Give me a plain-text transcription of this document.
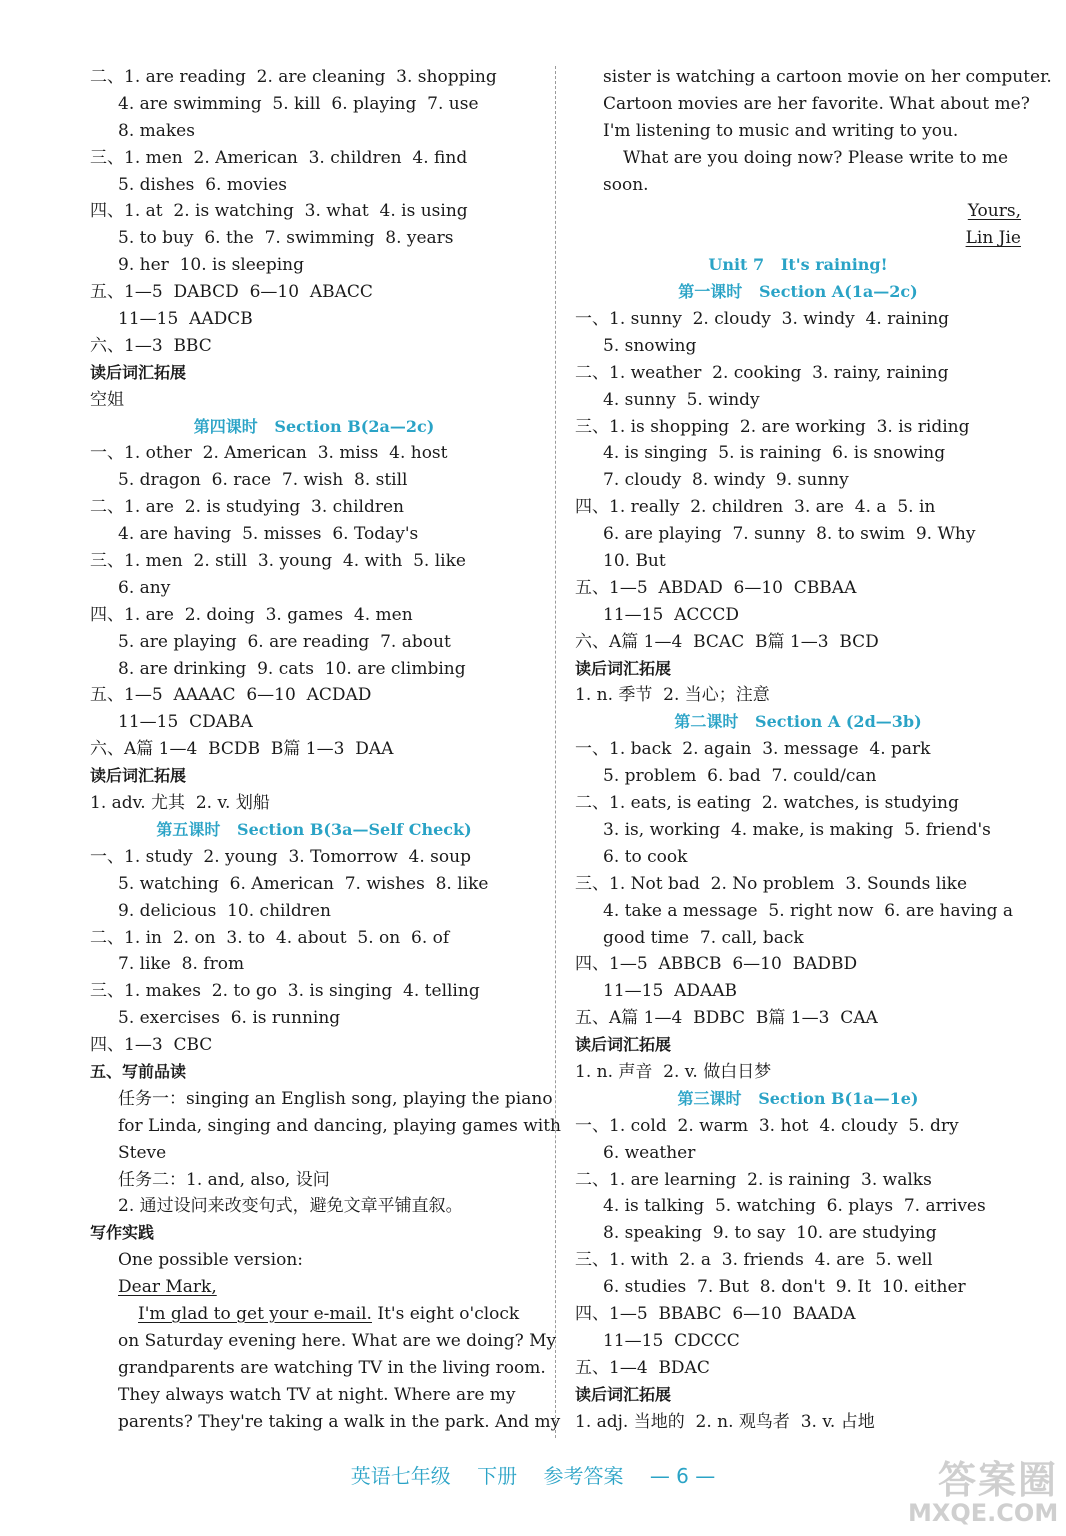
二、1. are reading  2. are cleaning  3. shopping
4. are swimming  5. kill  6. playing  7. use
8. makes
三、1. men  2. American  3. children  4. find
5. dishes  6. movies
四、1. at  2. is watching  3. what  4. is using
5. to buy  6. the  7. swimming  8. years
9. her  10. is sleeping
五、1—5  DABCD  6—10  ABACC
11—15  AADCB
六、1—3  BBC
读后词汇拓展
空姐
第四课时   Section B(2a—2c)
一、1. other  2. American  3. miss  4. host
5. dragon  6. race  7. wish  8. still
二、1. are  2. is studying  3. children
4. are having  5. misses  6. Today's
三、1. men  2. still  3. young  4. with  5. like
6. any
四、1. are  2. doing  3. games  4. men
5. are playing  6. are reading  7. about
8. are drinking  9. cats  10. are climbing
五、1—5  AAAAC  6—10  ACDAD
11—15  CDABA
六、A篇 1—4  BCDB  B篇 1—3  DAA
读后词汇拓展
1. adv. 尤其  2. v. 划船
第五课时   Section B(3a—Self Check)
一、1. study  2. young  3. Tomorrow  4. soup
5. watching  6. American  7. wishes  8. like
9. delicious  10. children
二、1. in  2. on  3. to  4. about  5. on  6. of
7. like  8. from
三、1. makes  2. to go  3. is singing  4. telling
5. exercises  6. is running
四、1—3  CBC
五、写前品读
任务一：singing an English song, playing the piano
for Linda, singing and dancing, playing games with
Steve
任务二：1. and, also, 设问
2. 通过设问来改变句式，避免文章平铺直叙。
写作实践
One possible version:
Dear Mark,
I'm glad to get your e-mail. It's eight o'clock
on Saturday evening here. What are we doing? My
grandparents are watching TV in the living room.
They always watch TV at night. Where are my
parents? They're taking a walk in the park. And my
sister is watching a cartoon movie on her computer.
Cartoon movies are her favorite. What about me?
I'm listening to music and writing to you.
What are you doing now? Please write to me
soon.
Yours,
Lin Jie
Unit 7   It's raining!
第一课时   Section A(1a—2c)
一、1. sunny  2. cloudy  3. windy  4. raining
5. snowing
二、1. weather  2. cooking  3. rainy, raining
4. sunny  5. windy
三、1. is shopping  2. are working  3. is riding
4. is singing  5. is raining  6. is snowing
7. cloudy  8. windy  9. sunny
四、1. really  2. children  3. are  4. a  5. in
6. are playing  7. sunny  8. to swim  9. Why
10. But
五、1—5  ABDAD  6—10  CBBAA
11—15  ACCCD
六、A篇 1—4  BCAC  B篇 1—3  BCD
读后词汇拓展
1. n. 季节  2. 当心；注意
第二课时   Section A (2d—3b)
一、1. back  2. again  3. message  4. park
5. problem  6. bad  7. could/can
二、1. eats, is eating  2. watches, is studying
3. is, working  4. make, is making  5. friend's
6. to cook
三、1. Not bad  2. No problem  3. Sounds like
4. take a message  5. right now  6. are having a
good time  7. call, back
四、1—5  ABBCB  6—10  BADBD
11—15  ADAAB
五、A篇 1—4  BDBC  B篇 1—3  CAA
读后词汇拓展
1. n. 声音  2. v. 做白日梦
第三课时   Section B(1a—1e)
一、1. cold  2. warm  3. hot  4. cloudy  5. dry
6. weather
二、1. are learning  2. is raining  3. walks
4. is talking  5. watching  6. plays  7. arrives
8. speaking  9. to say  10. are studying
三、1. with  2. a  3. friends  4. are  5. well
6. studies  7. But  8. don't  9. It  10. either
四、1—5  BBABC  6—10  BAADA
11—15  CDCCC
五、1—4  BDAC
读后词汇拓展
1. adj. 当地的  2. n. 观鸟者  3. v. 占地
英语七年级 下册 参考答案 — 6 —	答案圈
MXQE.COM
